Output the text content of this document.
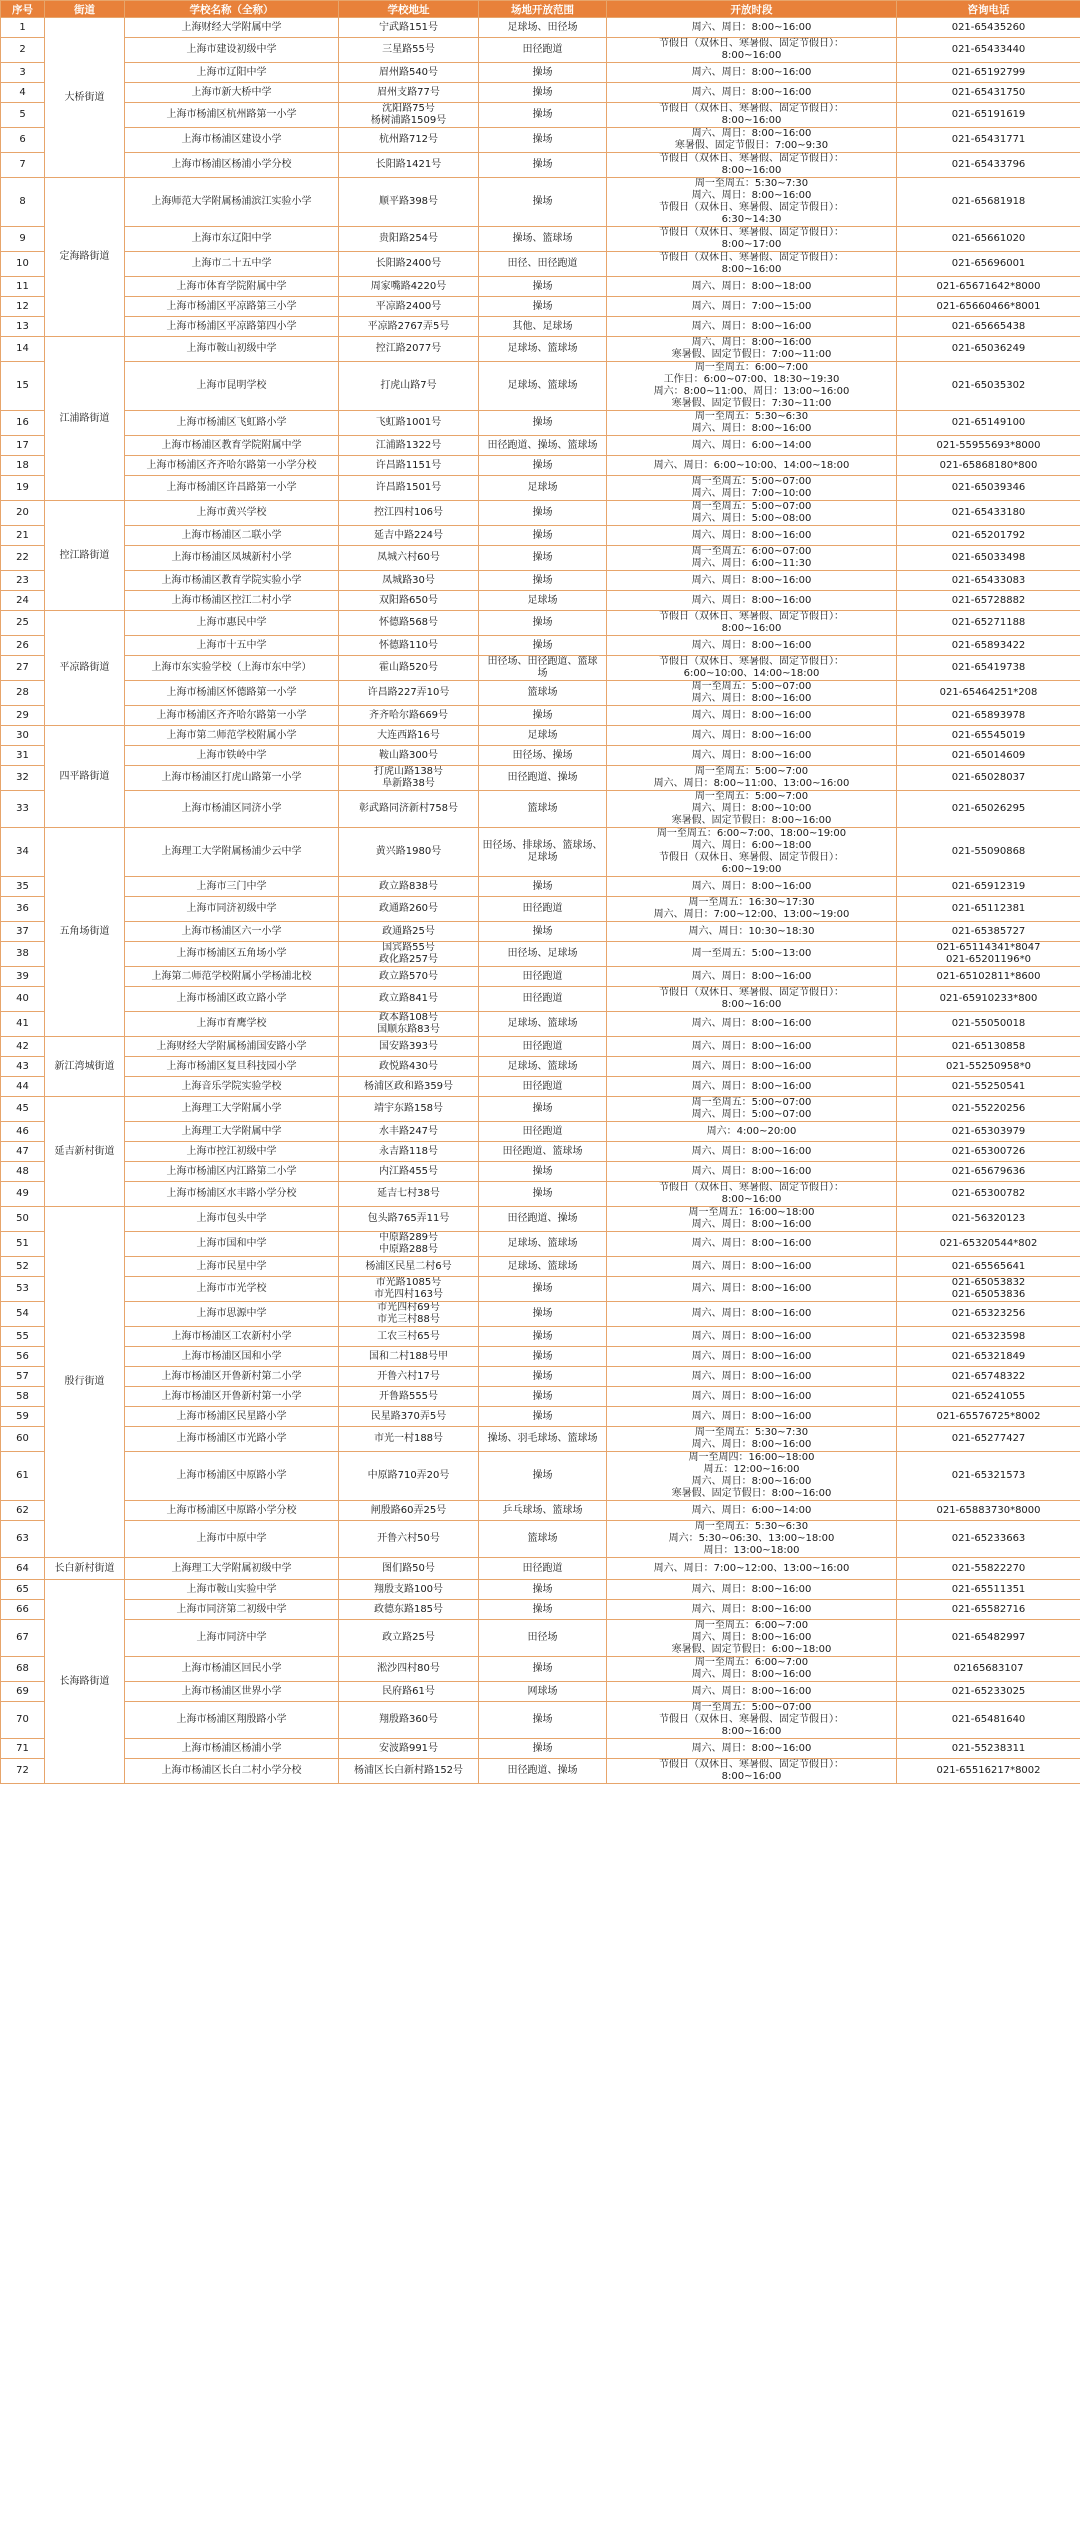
序号	街道	学校名称（全称）	学校地址	场地开放范围	开放时段	咨询电话
1	大桥街道	上海财经大学附属中学	宁武路151号	足球场、田径场	周六、周日：8:00~16:00	021-65435260

2		上海市建设初级中学	三星路55号	田径跑道	节假日（双休日、寒暑假、固定节假日）：
8:00~16:00	021-65433440

3		上海市辽阳中学	眉州路540号	操场	周六、周日：8:00~16:00	021-65192799

4		上海市新大桥中学	眉州支路77号	操场	周六、周日：8:00~16:00	021-65431750

5		上海市杨浦区杭州路第一小学	沈阳路75号
杨树浦路1509号	操场	节假日（双休日、寒暑假、固定节假日）：
8:00~16:00	021-65191619

6		上海市杨浦区建设小学	杭州路712号	操场	周六、周日：8:00~16:00
寒暑假、固定节假日：7:00~9:30	021-65431771

7		上海市杨浦区杨浦小学分校	长阳路1421号	操场	节假日（双休日、寒暑假、固定节假日）：
8:00~16:00	021-65433796

8	定海路街道	上海师范大学附属杨浦滨江实验小学	顺平路398号	操场	周一至周五：5:30~7:30
周六、周日：8:00~16:00
节假日（双休日、寒暑假、固定节假日）：
6:30~14:30	021-65681918

9		上海市东辽阳中学	贵阳路254号	操场、篮球场	节假日（双休日、寒暑假、固定节假日）：
8:00~17:00	021-65661020

10		上海市二十五中学	长阳路2400号	田径、田径跑道	节假日（双休日、寒暑假、固定节假日）：
8:00~16:00	021-65696001

11		上海市体育学院附属中学	周家嘴路4220号	操场	周六、周日：8:00~18:00	021-65671642*8000

12		上海市杨浦区平凉路第三小学	平凉路2400号	操场	周六、周日：7:00~15:00	021-65660466*8001

13		上海市杨浦区平凉路第四小学	平凉路2767弄5号	其他、足球场	周六、周日：8:00~16:00	021-65665438

14	江浦路街道	上海市鞍山初级中学	控江路2077号	足球场、篮球场	周六、周日：8:00~16:00
寒暑假、固定节假日：7:00~11:00	021-65036249

15		上海市昆明学校	打虎山路7号	足球场、篮球场	周一至周五：6:00~7:00
工作日：6:00~07:00、18:30~19:30
周六：8:00~11:00、周日：13:00~16:00
寒暑假、固定节假日：7:30~11:00	021-65035302

16		上海市杨浦区飞虹路小学	飞虹路1001号	操场	周一至周五：5:30~6:30
周六、周日：8:00~16:00	021-65149100

17		上海市杨浦区教育学院附属中学	江浦路1322号	田径跑道、操场、篮球场	周六、周日：6:00~14:00	021-55955693*8000

18		上海市杨浦区齐齐哈尔路第一小学分校	许昌路1151号	操场	周六、周日：6:00~10:00、14:00~18:00	021-65868180*800

19		上海市杨浦区许昌路第一小学	许昌路1501号	足球场	周一至周五：5:00~07:00
周六、周日：7:00~10:00	021-65039346

20	控江路街道	上海市黄兴学校	控江四村106号	操场	周一至周五：5:00~07:00
周六、周日：5:00~08:00	021-65433180

21		上海市杨浦区二联小学	延吉中路224号	操场	周六、周日：8:00~16:00	021-65201792

22		上海市杨浦区凤城新村小学	凤城六村60号	操场	周一至周五：6:00~07:00
周六、周日：6:00~11:30	021-65033498

23		上海市杨浦区教育学院实验小学	凤城路30号	操场	周六、周日：8:00~16:00	021-65433083

24		上海市杨浦区控江二村小学	双阳路650号	足球场	周六、周日：8:00~16:00	021-65728882

25	平凉路街道	上海市惠民中学	怀德路568号	操场	节假日（双休日、寒暑假、固定节假日）：
8:00~16:00	021-65271188

26		上海市十五中学	怀德路110号	操场	周六、周日：8:00~16:00	021-65893422

27		上海市东实验学校（上海市东中学）	霍山路520号	田径场、田径跑道、篮球
场	节假日（双休日、寒暑假、固定节假日）：
6:00~10:00、14:00~18:00	021-65419738

28		上海市杨浦区怀德路第一小学	许昌路227弄10号	篮球场	周一至周五：5:00~07:00
周六、周日：8:00~16:00	021-65464251*208

29		上海市杨浦区齐齐哈尔路第一小学	齐齐哈尔路669号	操场	周六、周日：8:00~16:00	021-65893978

30	四平路街道	上海市第二师范学校附属小学	大连西路16号	足球场	周六、周日：8:00~16:00	021-65545019

31		上海市铁岭中学	鞍山路300号	田径场、操场	周六、周日：8:00~16:00	021-65014609

32		上海市杨浦区打虎山路第一小学	打虎山路138号
阜新路38号	田径跑道、操场	周一至周五：5:00~7:00
周六、周日：8:00~11:00、13:00~16:00	021-65028037

33		上海市杨浦区同济小学	彰武路同济新村758号	篮球场	周一至周五：5:00~7:00
周六、周日：8:00~10:00
寒暑假、固定节假日：8:00~16:00	021-65026295

34	五角场街道	上海理工大学附属杨浦少云中学	黄兴路1980号	田径场、排球场、篮球场、
足球场	周一至周五：6:00~7:00、18:00~19:00
周六、周日：6:00~18:00
节假日（双休日、寒暑假、固定节假日）：
6:00~19:00	021-55090868

35		上海市三门中学	政立路838号	操场	周六、周日：8:00~16:00	021-65912319

36		上海市同济初级中学	政通路260号	田径跑道	周一至周五：16:30~17:30
周六、周日：7:00~12:00、13:00~19:00	021-65112381

37		上海市杨浦区六一小学	政通路25号	操场	周六、周日：10:30~18:30	021-65385727

38		上海市杨浦区五角场小学	国宾路55号
政化路257号	田径场、足球场	周一至周五：5:00~13:00	021-65114341*8047
021-65201196*0

39		上海第二师范学校附属小学杨浦北校	政立路570号	田径跑道	周六、周日：8:00~16:00	021-65102811*8600

40		上海市杨浦区政立路小学	政立路841号	田径跑道	节假日（双休日、寒暑假、固定节假日）：
8:00~16:00	021-65910233*800

41		上海市育鹰学校	政本路108号
国顺东路83号	足球场、篮球场	周六、周日：8:00~16:00	021-55050018

42	新江湾城街道	上海财经大学附属杨浦国安路小学	国安路393号	田径跑道	周六、周日：8:00~16:00	021-65130858

43		上海市杨浦区复旦科技园小学	政悦路430号	足球场、篮球场	周六、周日：8:00~16:00	021-55250958*0

44		上海音乐学院实验学校	杨浦区政和路359号	田径跑道	周六、周日：8:00~16:00	021-55250541

45	延吉新村街道	上海理工大学附属小学	靖宇东路158号	操场	周一至周五：5:00~07:00
周六、周日：5:00~07:00	021-55220256

46		上海理工大学附属中学	水丰路247号	田径跑道	周六：4:00~20:00	021-65303979

47		上海市控江初级中学	永吉路118号	田径跑道、篮球场	周六、周日：8:00~16:00	021-65300726

48		上海市杨浦区内江路第二小学	内江路455号	操场	周六、周日：8:00~16:00	021-65679636

49		上海市杨浦区水丰路小学分校	延吉七村38号	操场	节假日（双休日、寒暑假、固定节假日）：
8:00~16:00	021-65300782

50	殷行街道	上海市包头中学	包头路765弄11号	田径跑道、操场	周一至周五：16:00~18:00
周六、周日：8:00~16:00	021-56320123

51		上海市国和中学	中原路289号
中原路288号	足球场、篮球场	周六、周日：8:00~16:00	021-65320544*802

52		上海市民星中学	杨浦区民星二村6号	足球场、篮球场	周六、周日：8:00~16:00	021-65565641

53		上海市市光学校	市光路1085号
市光四村163号	操场	周六、周日：8:00~16:00	021-65053832
021-65053836

54		上海市思源中学	市光四村69号
市光三村88号	操场	周六、周日：8:00~16:00	021-65323256

55		上海市杨浦区工农新村小学	工农三村65号	操场	周六、周日：8:00~16:00	021-65323598

56		上海市杨浦区国和小学	国和二村188号甲	操场	周六、周日：8:00~16:00	021-65321849

57		上海市杨浦区开鲁新村第二小学	开鲁六村17号	操场	周六、周日：8:00~16:00	021-65748322

58		上海市杨浦区开鲁新村第一小学	开鲁路555号	操场	周六、周日：8:00~16:00	021-65241055

59		上海市杨浦区民星路小学	民星路370弄5号	操场	周六、周日：8:00~16:00	021-65576725*8002

60		上海市杨浦区市光路小学	市光一村188号	操场、羽毛球场、篮球场	周一至周五：5:30~7:30
周六、周日：8:00~16:00	021-65277427

61		上海市杨浦区中原路小学	中原路710弄20号	操场	周一至周四：16:00~18:00
周五：12:00~16:00
周六、周日：8:00~16:00
寒暑假、固定节假日：8:00~16:00	021-65321573

62		上海市杨浦区中原路小学分校	闸殷路60弄25号	乒乓球场、篮球场	周六、周日：6:00~14:00	021-65883730*8000

63		上海市中原中学	开鲁六村50号	篮球场	周一至周五：5:30~6:30
周六：5:30~06:30、13:00~18:00
周日：13:00~18:00	021-65233663

64	长白新村街道	上海理工大学附属初级中学	图们路50号	田径跑道	周六、周日：7:00~12:00、13:00~16:00	021-55822270

65	长海路街道	上海市鞍山实验中学	翔殷支路100号	操场	周六、周日：8:00~16:00	021-65511351

66		上海市同济第二初级中学	政德东路185号	操场	周六、周日：8:00~16:00	021-65582716

67		上海市同济中学	政立路25号	田径场	周一至周五：6:00~7:00
周六、周日：8:00~16:00
寒暑假、固定节假日：6:00~18:00	021-65482997

68		上海市杨浦区回民小学	淞沙四村80号	操场	周一至周五：6:00~7:00
周六、周日：8:00~16:00	02165683107

69		上海市杨浦区世界小学	民府路61号	网球场	周六、周日：8:00~16:00	021-65233025

70		上海市杨浦区翔殷路小学	翔殷路360号	操场	周一至周五：5:00~07:00
节假日（双休日、寒暑假、固定节假日）：
8:00~16:00	021-65481640

71		上海市杨浦区杨浦小学	安波路991号	操场	周六、周日：8:00~16:00	021-55238311

72		上海市杨浦区长白二村小学分校	杨浦区长白新村路152号	田径跑道、操场	节假日（双休日、寒暑假、固定节假日）：
8:00~16:00	021-65516217*8002
